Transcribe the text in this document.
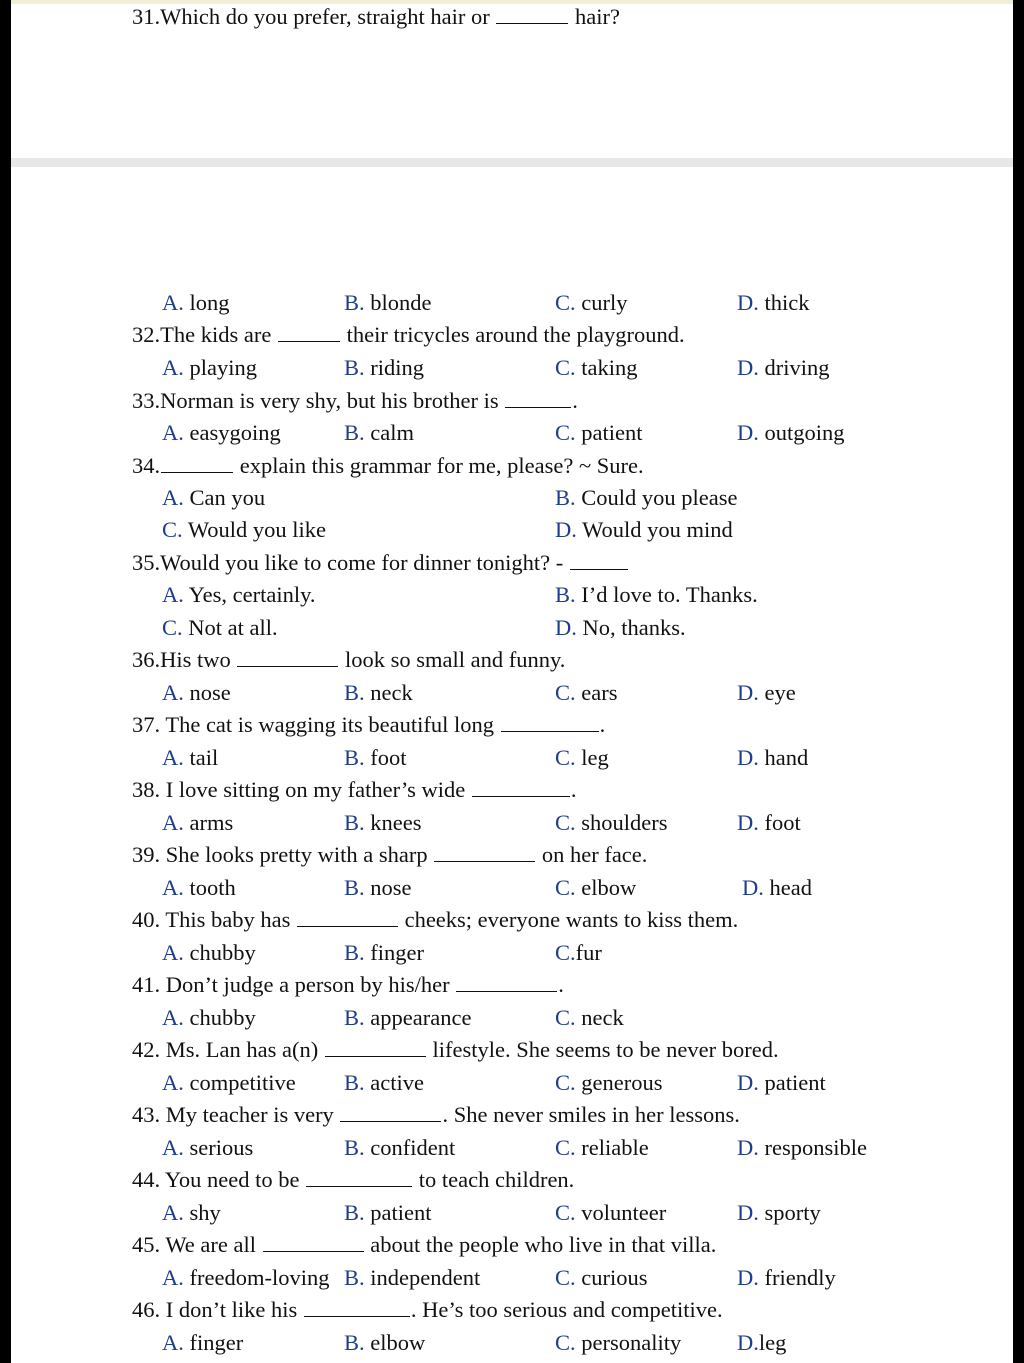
31.Which do you prefer, straight hair or	hair?
A. long	B. blonde	C. curly	D. thick
32.The kids are	their tricycles around the playground.
A. playing	B. riding	C. taking	D. driving
33.Norman is very shy, but his brother is	.
A. easygoing	B. calm	C. patient	D. outgoing
34.	explain this grammar for me, please? ~ Sure.
A. Can you	B. Could you please
C. Would you like	D. Would you mind
35.Would you like to come for dinner tonight? -
A. Yes, certainly.	B. I’d love to. Thanks.
C. Not at all.	D. No, thanks.
36.His two	look so small and funny.
A. nose	B. neck	C. ears	D. eye
37. The cat is wagging its beautiful long	.
A. tail	B. foot	C. leg	D. hand
38. I love sitting on my father’s wide	.
A. arms	B. knees	C. shoulders	D. foot
39. She looks pretty with a sharp	on her face.
A. tooth	B. nose	C. elbow	D. head
40. This baby has	cheeks; everyone wants to kiss them.
A. chubby	B. finger	C.fur
41. Don’t judge a person by his/her	.
A. chubby	B. appearance	C. neck
42. Ms. Lan has a(n)	lifestyle. She seems to be never bored.
A. competitive B. active	C. generous	D. patient
43. My teacher is very	. She never smiles in her lessons.
A. serious	B. confident	C. reliable	D. responsible
44. You need to be	to teach children.
A. shy	B. patient	C. volunteer	D. sporty
45. We are all	about the people who live in that villa.
A. freedom-loving B. independent	C. curious	D. friendly
46. I don’t like his	. He’s too serious and competitive.
A. finger	B. elbow	C. personality D.leg
